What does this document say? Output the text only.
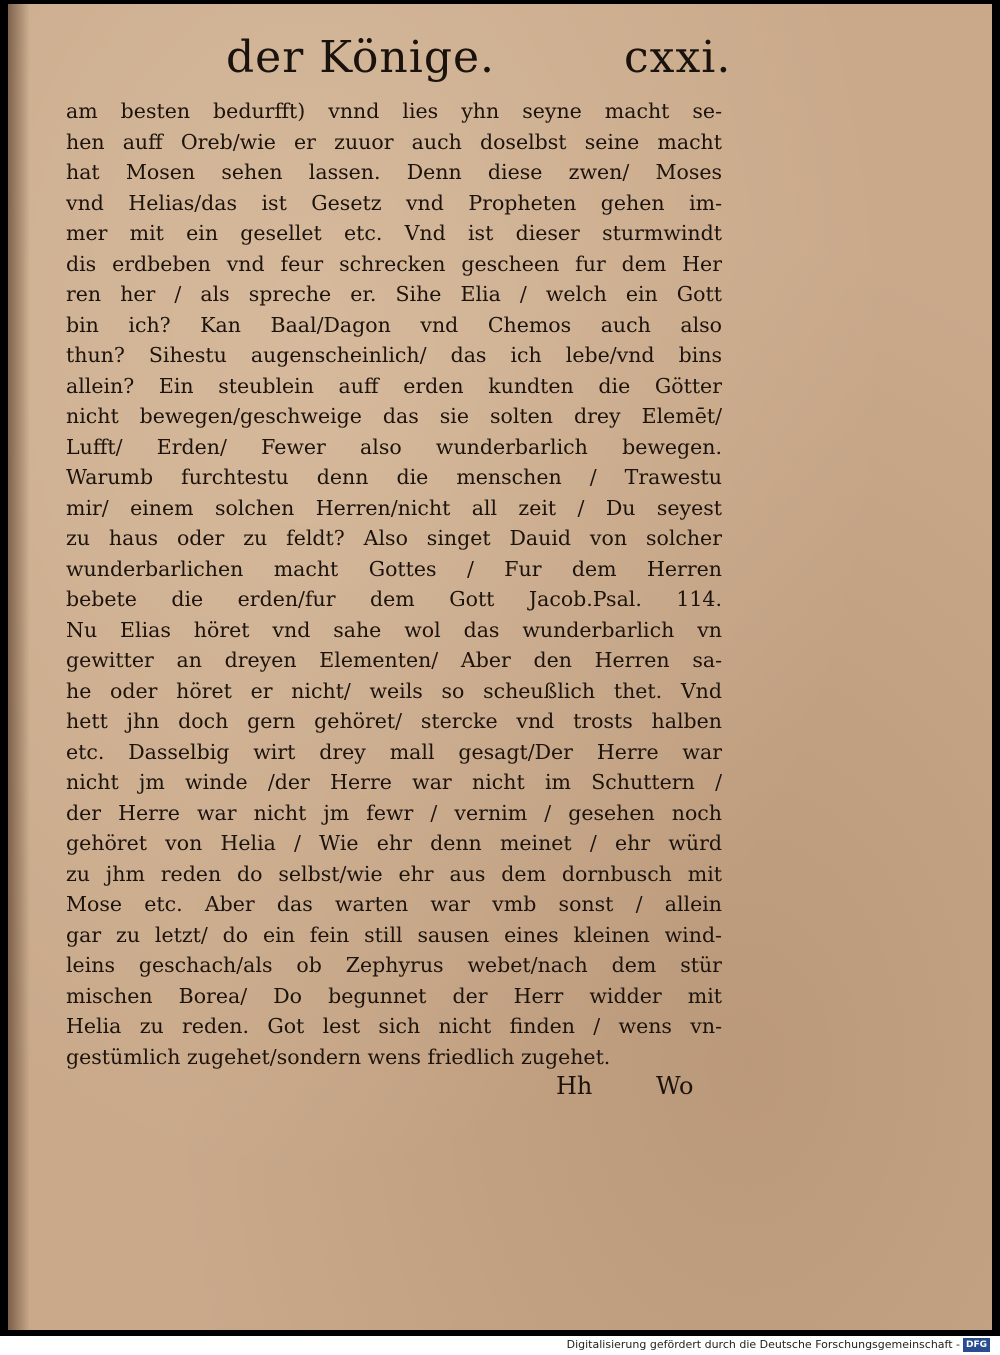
der Könige.	cxxi.
am besten bedurfft) vnnd lies yhn seyne macht se-
hen auff Oreb/wie er zuuor auch doselbst seine macht
hat Mosen sehen lassen. Denn diese zwen/ Moses
vnd Helias/das ist Gesetz vnd Propheten gehen im-
mer mit ein gesellet etc. Vnd ist dieser sturmwindt
dis erdbeben vnd feur schrecken gescheen fur dem Her
ren her / als spreche er. Sihe Elia / welch ein Gott
bin ich? Kan Baal/Dagon vnd Chemos auch also
thun? Sihestu augenscheinlich/ das ich lebe/vnd bins
allein? Ein steublein auff erden kundten die Götter
nicht bewegen/geschweige das sie solten drey Elemēt/
Lufft/ Erden/ Fewer also wunderbarlich bewegen.
Warumb furchtestu denn die menschen / Trawestu
mir/ einem solchen Herren/nicht all zeit / Du seyest
zu haus oder zu feldt? Also singet Dauid von solcher
wunderbarlichen macht Gottes / Fur dem Herren
bebete die erden/fur dem Gott Jacob.Psal. 114.
Nu Elias höret vnd sahe wol das wunderbarlich vn
gewitter an dreyen Elementen/ Aber den Herren sa-
he oder höret er nicht/ weils so scheußlich thet. Vnd
hett jhn doch gern gehöret/ stercke vnd trosts halben
etc. Dasselbig wirt drey mall gesagt/Der Herre war
nicht jm winde /der Herre war nicht im Schuttern /
der Herre war nicht jm fewr / vernim / gesehen noch
gehöret von Helia / Wie ehr denn meinet / ehr würd
zu jhm reden do selbst/wie ehr aus dem dornbusch mit
Mose etc. Aber das warten war vmb sonst / allein
gar zu letzt/ do ein fein still sausen eines kleinen wind-
leins geschach/als ob Zephyrus webet/nach dem stür
mischen Borea/ Do begunnet der Herr widder mit
Helia zu reden. Got lest sich nicht finden / wens vn-
gestümlich zugehet/sondern wens friedlich zugehet.
Hh	Wo
Digitalisierung gefördert durch die Deutsche Forschungsgemeinschaft - DFG
